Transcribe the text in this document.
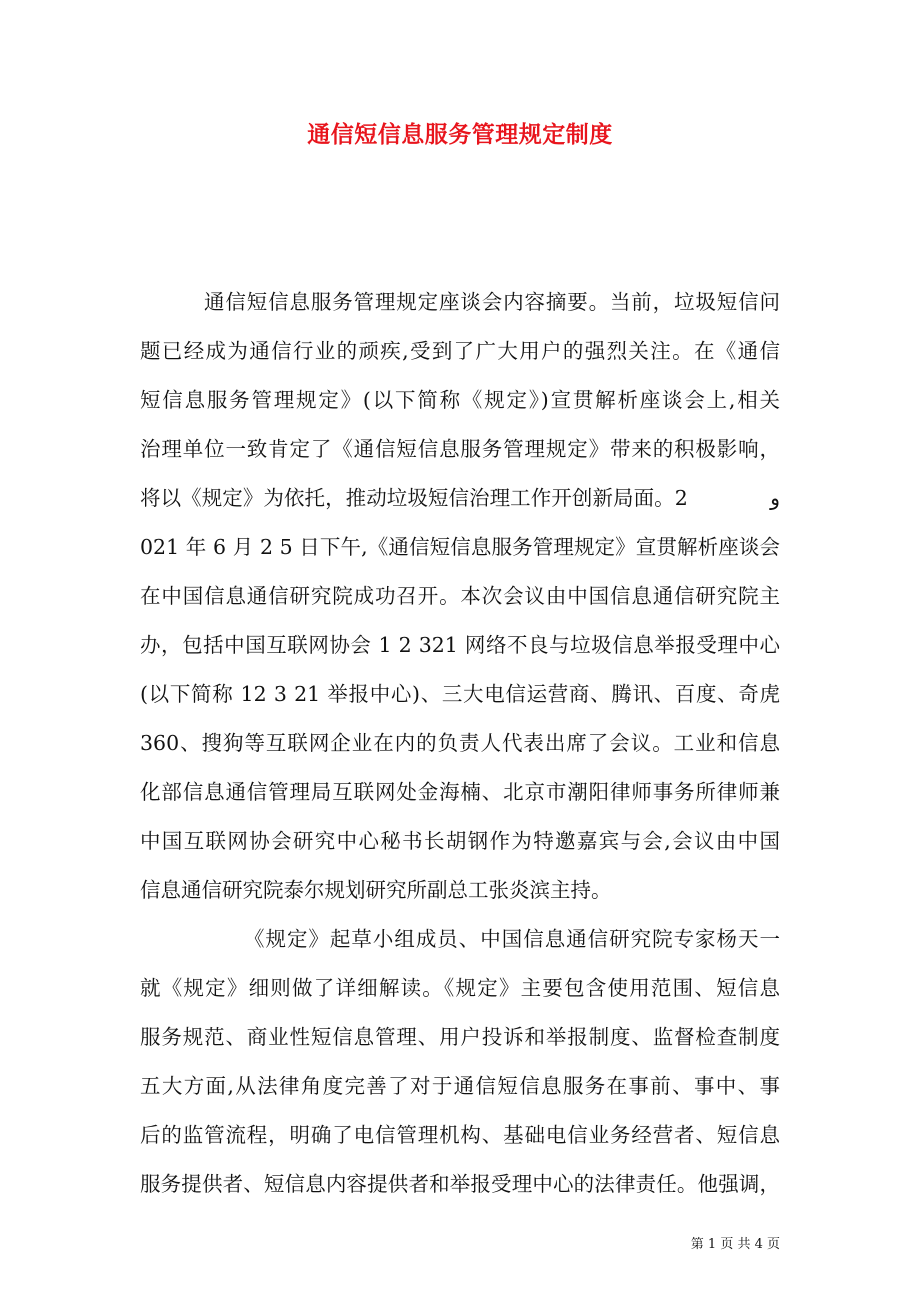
通信短信息服务管理规定制度
通信短信息服务管理规定座谈会内容摘要。当前，垃圾短信问
题已经成为通信行业的顽疾,受到了广大用户的强烈关注。在《通信
短信息服务管理规定》(以下简称《规定》)宣贯解析座谈会上,相关
治理单位一致肯定了《通信短信息服务管理规定》带来的积极影响，
将以《规定》为依托，推动垃圾短信治理工作开创新局面。2　　　　و
021 年 6 月 2 5 日下午,《通信短信息服务管理规定》宣贯解析座谈会
在中国信息通信研究院成功召开。本次会议由中国信息通信研究院主
办，包括中国互联网协会 1 2 321 网络不良与垃圾信息举报受理中心
(以下简称 12 3 21 举报中心)、三大电信运营商、腾讯、百度、奇虎
360、搜狗等互联网企业在内的负责人代表出席了会议。工业和信息
化部信息通信管理局互联网处金海楠、北京市潮阳律师事务所律师兼
中国互联网协会研究中心秘书长胡钢作为特邀嘉宾与会,会议由中国
信息通信研究院泰尔规划研究所副总工张炎滨主持。
《规定》起草小组成员、中国信息通信研究院专家杨天一
就《规定》细则做了详细解读。《规定》主要包含使用范围、短信息
服务规范、商业性短信息管理、用户投诉和举报制度、监督检查制度
五大方面,从法律角度完善了对于通信短信息服务在事前、事中、事
后的监管流程，明确了电信管理机构、基础电信业务经营者、短信息
服务提供者、短信息内容提供者和举报受理中心的法律责任。他强调，
第 1 页 共 4 页
